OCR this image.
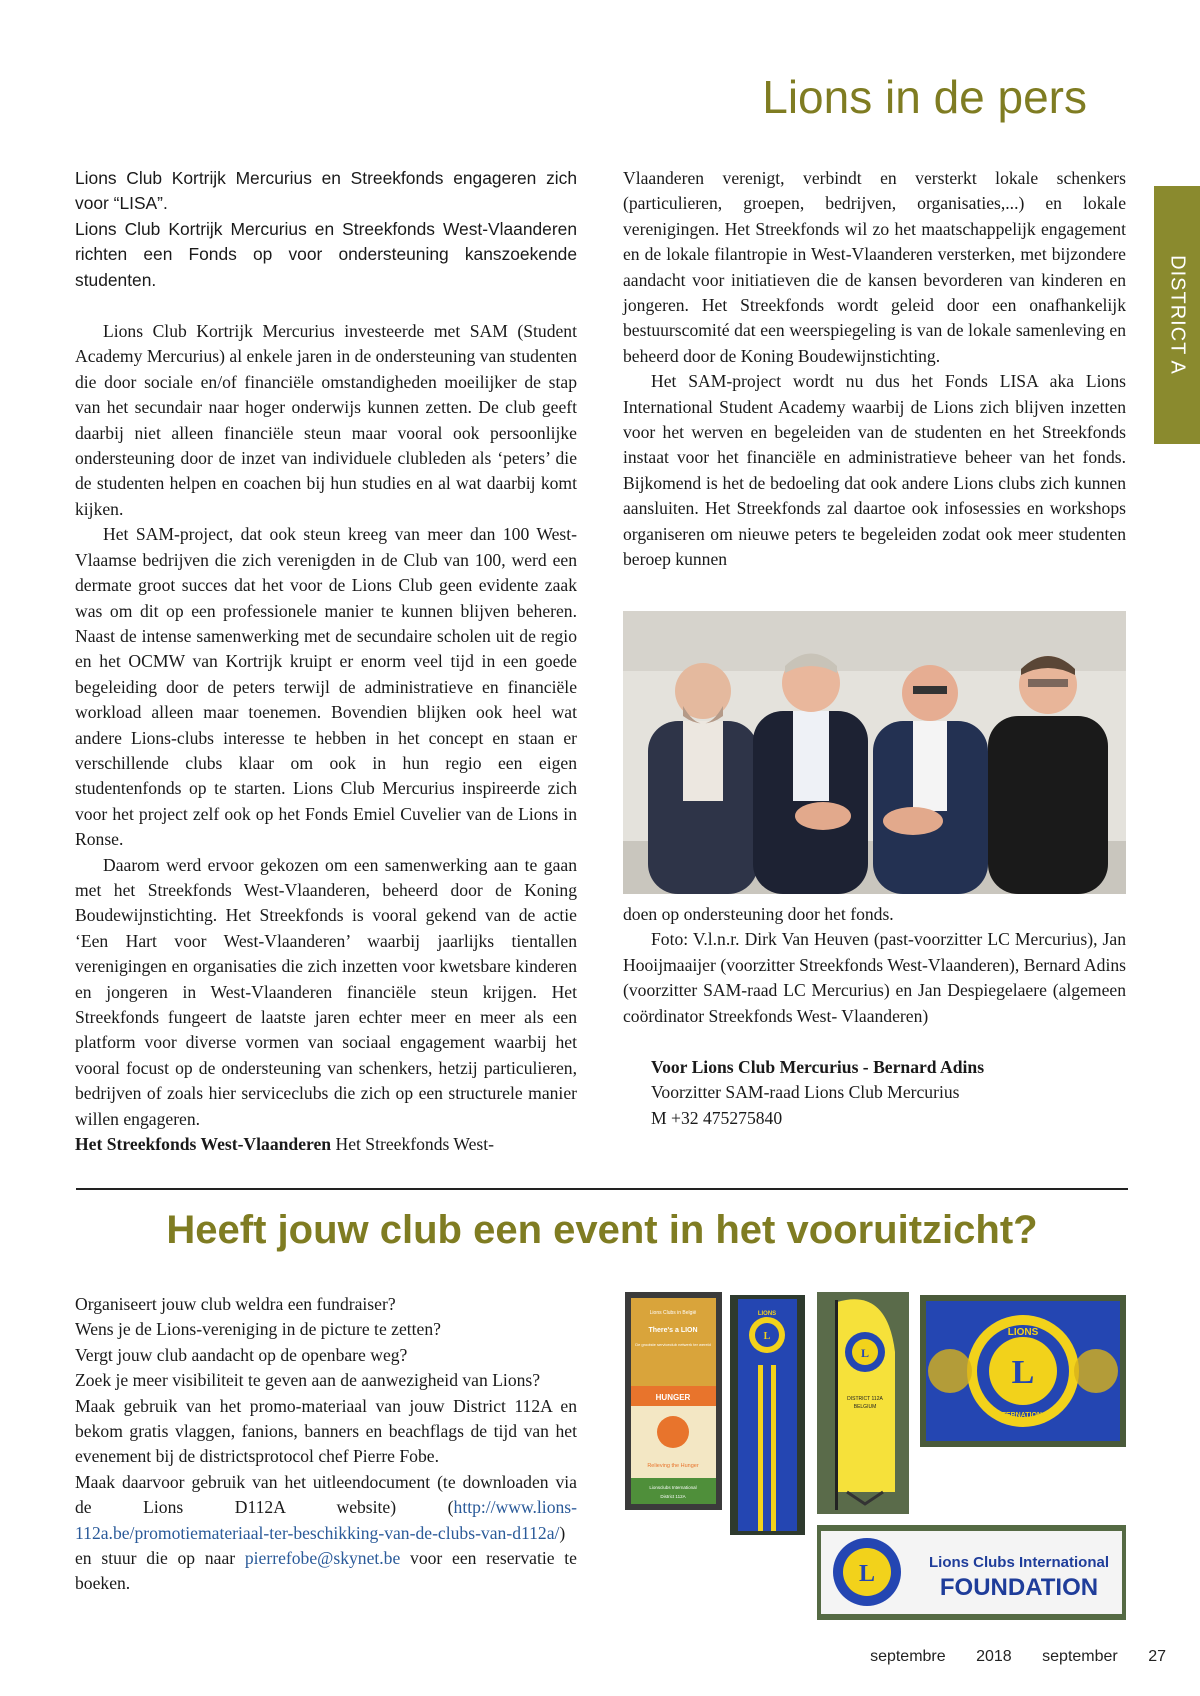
Lions in de pers
DISTRICT A

Lions Club Kortrijk Mercurius en Streekfonds engageren zich voor “LISA”.

Lions Club Kortrijk Mercurius en Streekfonds West-Vlaanderen richten een Fonds op voor ondersteuning kanszoekende studenten.

Lions Club Kortrijk Mercurius investeerde met SAM (Student Academy Mercurius) al enkele jaren in de ondersteuning van studenten die door sociale en/of financiële omstandigheden moeilijker de stap van het secundair naar hoger onderwijs kunnen zetten. De club geeft daarbij niet alleen financiële steun maar vooral ook persoonlijke ondersteuning door de inzet van individuele clubleden als ‘peters’ die de studenten helpen en coachen bij hun studies en al wat daarbij komt kijken.

Het SAM-project, dat ook steun kreeg van meer dan 100 West-Vlaamse bedrijven die zich verenigden in de Club van 100, werd een dermate groot succes dat het voor de Lions Club geen evidente zaak was om dit op een professionele manier te kunnen blijven beheren. Naast de intense samenwerking met de secundaire scholen uit de regio en het OCMW van Kortrijk kruipt er enorm veel tijd in een goede begeleiding door de peters terwijl de administratieve en financiële workload alleen maar toenemen. Bovendien blijken ook heel wat andere Lions-clubs interesse te hebben in het concept en staan er verschillende clubs klaar om ook in hun regio een eigen studentenfonds op te starten. Lions Club Mercurius inspireerde zich voor het project zelf ook op het Fonds Emiel Cuvelier van de Lions in Ronse.

Daarom werd ervoor gekozen om een samenwerking aan te gaan met het Streekfonds West-Vlaanderen, beheerd door de Koning Boudewijnstichting. Het Streekfonds is vooral gekend van de actie ‘Een Hart voor West-Vlaanderen’ waarbij jaarlijks tientallen verenigingen en organisaties die zich inzetten voor kwetsbare kinderen en jongeren in West-Vlaanderen financiële steun krijgen. Het Streekfonds fungeert de laatste jaren echter meer en meer als een platform voor diverse vormen van sociaal engagement waarbij het vooral focust op de ondersteuning van schenkers, hetzij particulieren, bedrijven of zoals hier serviceclubs die zich op een structurele manier willen engageren.

Het Streekfonds West-Vlaanderen Het Streekfonds West-

Vlaanderen verenigt, verbindt en versterkt lokale schenkers (particulieren, groepen, bedrijven, organisaties,...) en lokale verenigingen. Het Streekfonds wil zo het maatschappelijk engagement en de lokale filantropie in West-Vlaanderen versterken, met bijzondere aandacht voor initiatieven die de kansen bevorderen van kinderen en jongeren. Het Streekfonds wordt geleid door een onafhankelijk bestuurscomité dat een weerspiegeling is van de lokale samenleving en beheerd door de Koning Boudewijnstichting.

Het SAM-project wordt nu dus het Fonds LISA aka Lions International Student Academy waarbij de Lions zich blijven inzetten voor het werven en begeleiden van de studenten en het Streekfonds instaat voor het financiële en administratieve beheer van het fonds. Bijkomend is het de bedoeling dat ook andere Lions clubs zich kunnen aansluiten. Het Streekfonds zal daartoe ook infosessies en workshops organiseren om nieuwe peters te begeleiden zodat ook meer studenten beroep kunnen

doen op ondersteuning door het fonds.

Foto: V.l.n.r. Dirk Van Heuven (past-voorzitter LC Mercurius), Jan Hooijmaaijer (voorzitter Streekfonds West-Vlaanderen), Bernard Adins (voorzitter SAM-raad LC Mercurius) en Jan Despiegelaere (algemeen coördinator Streekfonds West- Vlaanderen)

Voor Lions Club Mercurius - Bernard Adins

Voorzitter SAM-raad Lions Club Mercurius

M +32 475275840

Heeft jouw club een event in het vooruitzicht?

Organiseert jouw club weldra een fundraiser?

Wens je de Lions-vereniging in de picture te zetten?

Vergt jouw club aandacht op de openbare weg?

Zoek je meer visibiliteit te geven aan de aanwezigheid van Lions?

Maak gebruik van het promo-materiaal van jouw District 112A en bekom gratis vlaggen, fanions, banners en beachflags de tijd van het evenement bij de districtsprotocol chef Pierre Fobe.

Maak daarvoor gebruik van het uitleendocument (te downloaden via de Lions D112A website) (http://www.lions-112a.be/promotiemateriaal-ter-beschikking-van-de-clubs-van-d112a/) en stuur die op naar pierrefobe@skynet.be voor een reservatie te boeken.

Lions Clubs in België
There's a LION
De grootste serviceclub netwerk ter wereld
HUNGER
Relieving the Hunger
Lionsclubs International
District 112A
L
LIONS
L
DISTRICT 112A
BELGIUM
L
LIONS
INTERNATIONAL
L	Lions Clubs International
FOUNDATION
septembre 2018 september 27
